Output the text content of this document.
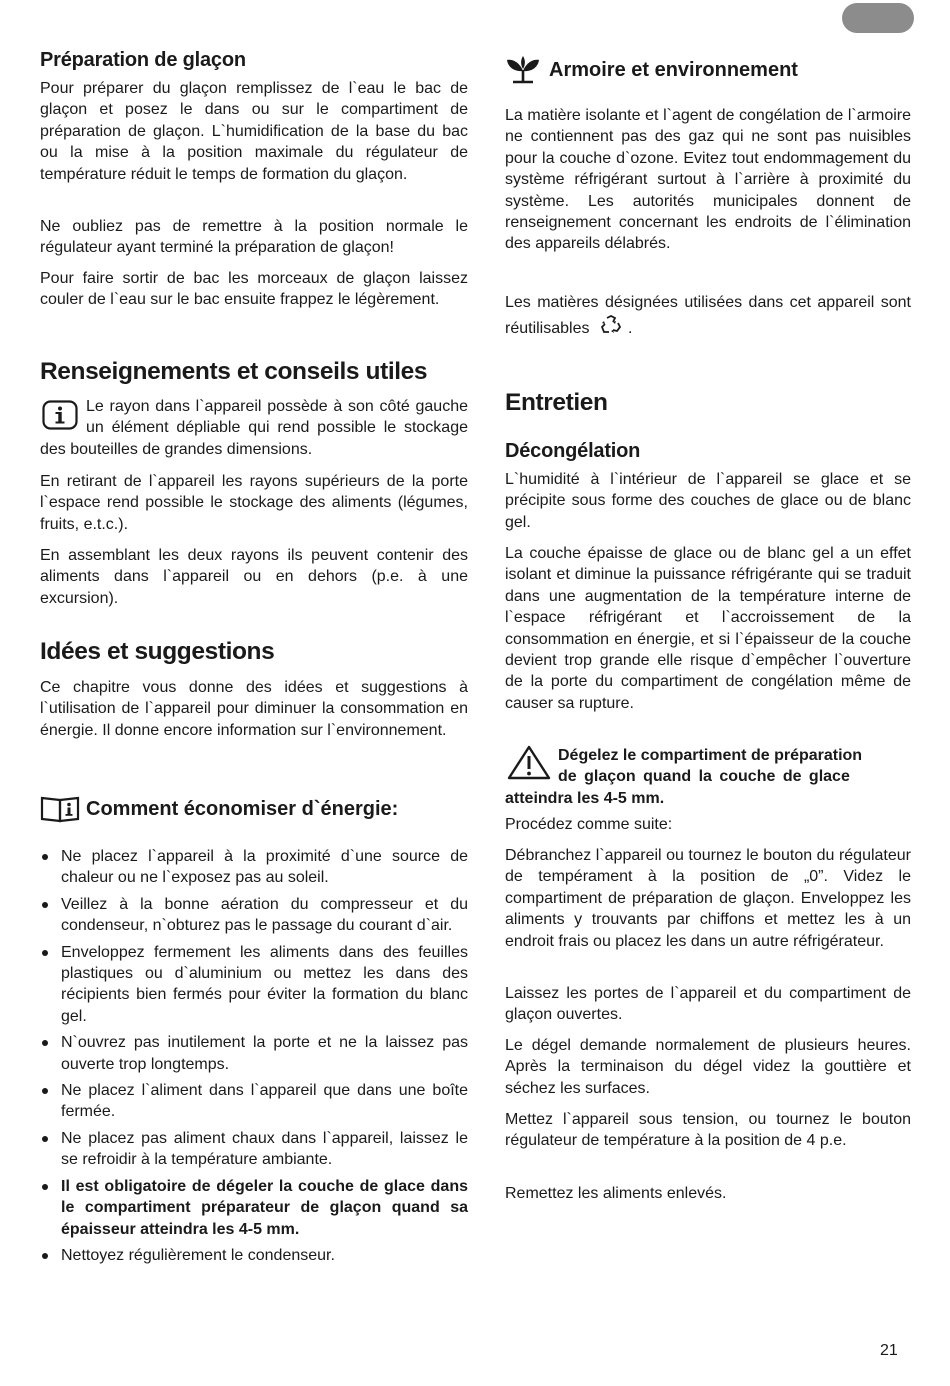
Préparation de glaçon

Pour préparer du glaçon remplissez de l`eau le bac de glaçon et posez le dans ou sur le compartiment de préparation de glaçon. L`humidification de la base du bac ou la mise à la position maximale du régulateur de température réduit le temps de formation du glaçon.

Ne oubliez pas de remettre à la position normale le régulateur ayant terminé la préparation de glaçon!

Pour faire sortir de bac les morceaux de glaçon laissez couler de l`eau sur le bac ensuite frappez le légèrement.

Renseignements et conseils utiles

Le rayon dans l`appareil possède à son côté gauche un élément dépliable qui rend possible le stockage des bouteilles de grandes dimensions.

En retirant de l`appareil les rayons supérieurs de la porte l`espace rend possible le stockage des aliments (légumes, fruits, e.t.c.).

En assemblant les deux rayons ils peuvent contenir des aliments dans l`appareil ou en dehors (p.e. à une excursion).

Idées et suggestions

Ce chapitre vous donne des idées et suggestions à l`utilisation de l`appareil pour diminuer la consommation en énergie. Il donne encore information sur l`environnement.

Comment économiser d`énergie:
Ne placez l`appareil à la proximité d`une source de chaleur ou ne l`exposez pas au soleil.
Veillez à la bonne aération du compresseur et du condenseur, n`obturez pas le passage du courant d`air.
Enveloppez fermement les aliments dans des feuilles plastiques ou d`aluminium ou mettez les dans des récipients bien fermés pour éviter la formation du blanc gel.
N`ouvrez pas inutilement la porte et ne la laissez pas ouverte trop longtemps.
Ne placez l`aliment dans l`appareil que dans une boîte fermée.
Ne placez pas aliment chaux dans l`appareil, laissez le se refroidir à la température ambiante.
Il est obligatoire de dégeler la couche de glace dans le compartiment préparateur de glaçon quand sa épaisseur atteindra les 4-5 mm.
Nettoyez régulièrement le condenseur.
Armoire et environnement

La matière isolante et l`agent de congélation de l`armoire ne contiennent pas des gaz qui ne sont pas nuisibles pour la couche d`ozone. Evitez tout endommagement du système réfrigérant surtout à l`arrière à proximité du système. Les autorités municipales donnent de renseignement concernant les endroits de l`élimination des appareils délabrés.

Les matières désignées utilisées dans cet appareil sont réutilisables .

Entretien
Décongélation

L`humidité à l`intérieur de l`appareil se glace et se précipite sous forme des couches de glace ou de blanc gel.

La couche épaisse de glace ou de blanc gel a un effet isolant et diminue la puissance réfrigérante qui se traduit dans une augmentation de la température interne de l`espace réfrigérant et l`accroissement de la consommation en énergie, et si l`épaisseur de la couche devient trop grande elle risque d`empêcher l`ouverture de la porte du compartiment de congélation même de causer sa rupture.

Dégelez le compartiment de préparation
de glaçon quand la couche de glace
atteindra les 4-5 mm.

Procédez comme suite:

Débranchez l`appareil ou tournez le bouton du régulateur de tempérament à la position de „0”. Videz le compartiment de préparation de glaçon. Enveloppez les aliments y trouvants par chiffons et mettez les à un endroit frais ou placez les dans un autre réfrigérateur.

Laissez les portes de l`appareil et du compartiment de glaçon ouvertes.

Le dégel demande normalement de plusieurs heures. Après la terminaison du dégel videz la gouttière et séchez les surfaces.

Mettez l`appareil sous tension, ou tournez le bouton régulateur de température à la position de 4 p.e.

Remettez les aliments enlevés.

21
